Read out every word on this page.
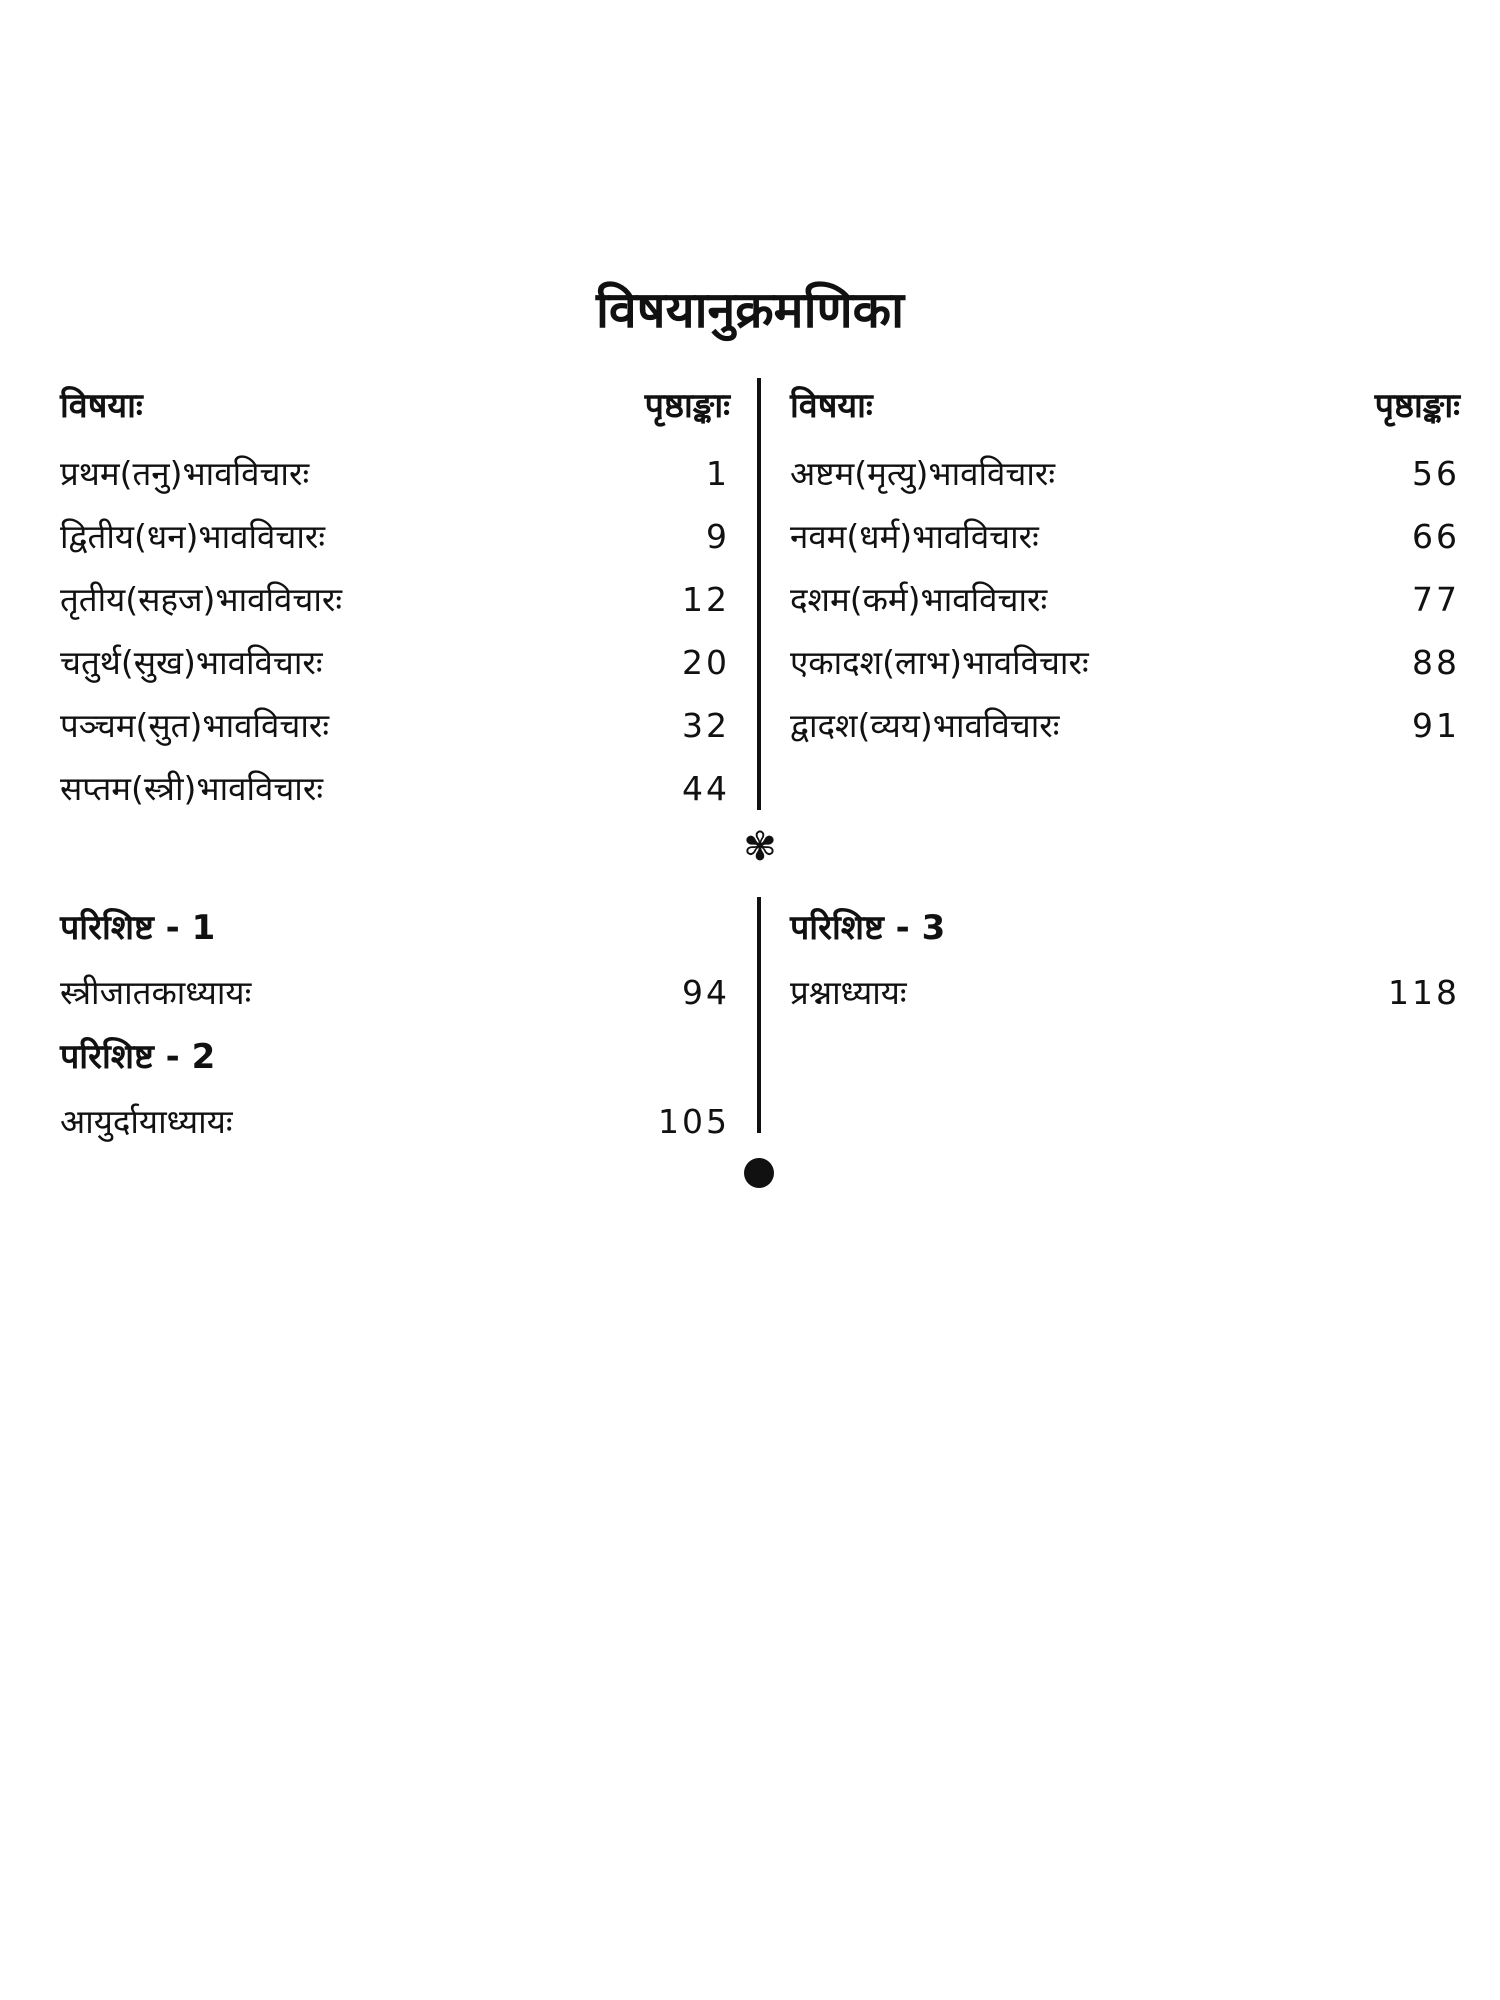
विषयानुक्रमणिका
विषयाः	पृष्ठाङ्काः
प्रथम(तनु)भावविचारः	1
द्वितीय(धन)भावविचारः	9
तृतीय(सहज)भावविचारः	12
चतुर्थ(सुख)भावविचारः	20
पञ्चम(सुत)भावविचारः	32
सप्तम(स्त्री)भावविचारः	44
विषयाः	पृष्ठाङ्काः
अष्टम(मृत्यु)भावविचारः	56
नवम(धर्म)भावविचारः	66
दशम(कर्म)भावविचारः	77
एकादश(लाभ)भावविचारः	88
द्वादश(व्यय)भावविचारः	91
✾
परिशिष्ट - 1
स्त्रीजातकाध्यायः	94
परिशिष्ट - 2
आयुर्दायाध्यायः	105
परिशिष्ट - 3
प्रश्नाध्यायः	118
